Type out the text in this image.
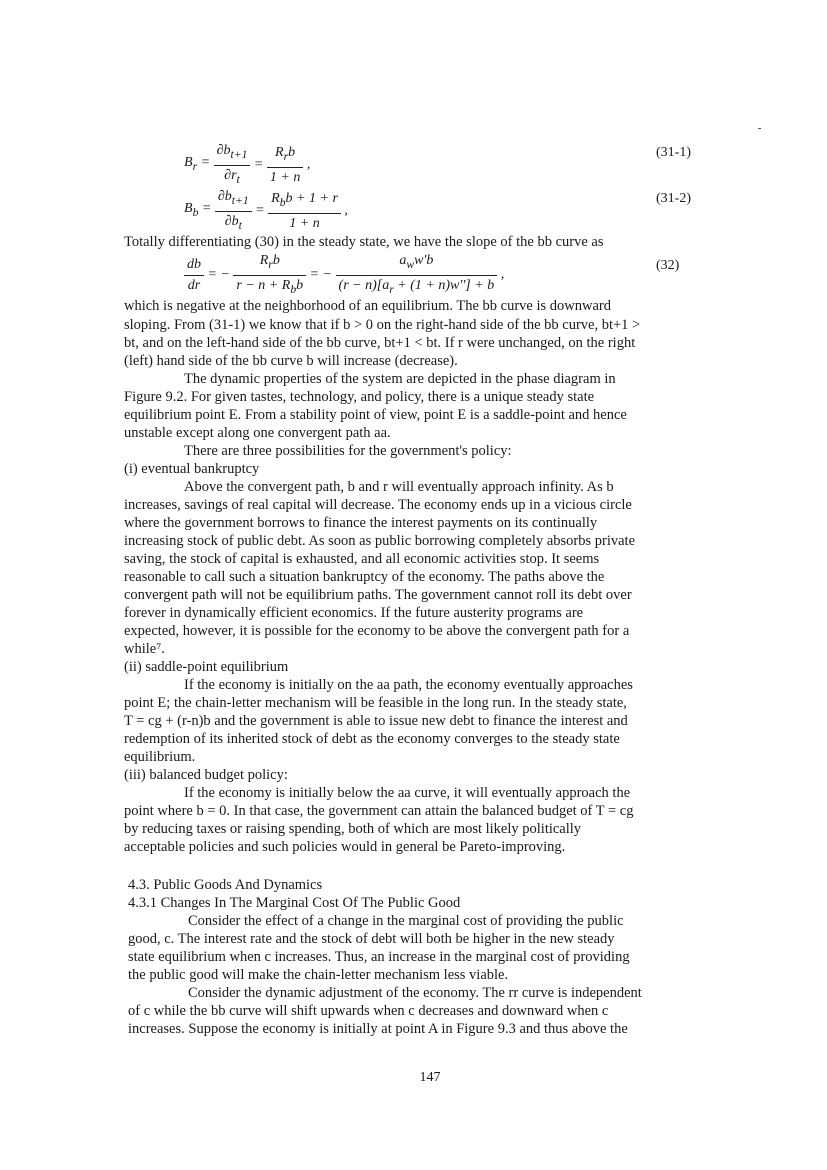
$B_r = \frac{\partial b_{t+1}}{\partial r_t} = \frac{R_rb}{1 + n}$ ,
(31-1)
$B_b = \frac{\partial b_{t+1}}{\partial b_t} = \frac{R_bb + 1 + r}{1 + n}$ ,
(31-2)
$\frac{db}{dr}$ = − $\frac{R_rb}{r - n + R_bb}$ = − $\frac{a_ww'b}{(r - n)[a_r + (1 + n)w''] + b}$ ,
(32)
Totally differentiating (30) in the steady state, we have the slope of the bb curve as
which is negative at the neighborhood of an equilibrium. The bb curve is downward
sloping. From (31-1) we know that if b > 0 on the right-hand side of the bb curve, bt+1 >
bt, and on the left-hand side of the bb curve, bt+1 < bt. If r were unchanged, on the right
(left) hand side of the bb curve b will increase (decrease).
The dynamic properties of the system are depicted in the phase diagram in
Figure 9.2. For given tastes, technology, and policy, there is a unique steady state
equilibrium point E. From a stability point of view, point E is a saddle-point and hence
unstable except along one convergent path aa.
There are three possibilities for the government's policy:
(i) eventual bankruptcy
Above the convergent path, b and r will eventually approach infinity. As b
increases, savings of real capital will decrease. The economy ends up in a vicious circle
where the government borrows to finance the interest payments on its continually
increasing stock of public debt. As soon as public borrowing completely absorbs private
saving, the stock of capital is exhausted, and all economic activities stop. It seems
reasonable to call such a situation bankruptcy of the economy. The paths above the
convergent path will not be equilibrium paths. The government cannot roll its debt over
forever in dynamically efficient economics. If the future austerity programs are
expected, however, it is possible for the economy to be above the convergent path for a
while⁷.
(ii) saddle-point equilibrium
If the economy is initially on the aa path, the economy eventually approaches
point E; the chain-letter mechanism will be feasible in the long run. In the steady state,
T = cg + (r-n)b and the government is able to issue new debt to finance the interest and
redemption of its inherited stock of debt as the economy converges to the steady state
equilibrium.
(iii) balanced budget policy:
If the economy is initially below the aa curve, it will eventually approach the
point where b = 0. In that case, the government can attain the balanced budget of T = cg
by reducing taxes or raising spending, both of which are most likely politically
acceptable policies and such policies would in general be Pareto-improving.
4.3. Public Goods And Dynamics
4.3.1 Changes In The Marginal Cost Of The Public Good
Consider the effect of a change in the marginal cost of providing the public
good, c. The interest rate and the stock of debt will both be higher in the new steady
state equilibrium when c increases. Thus, an increase in the marginal cost of providing
the public good will make the chain-letter mechanism less viable.
Consider the dynamic adjustment of the economy. The rr curve is independent
of c while the bb curve will shift upwards when c decreases and downward when c
increases. Suppose the economy is initially at point A in Figure 9.3 and thus above the
147
